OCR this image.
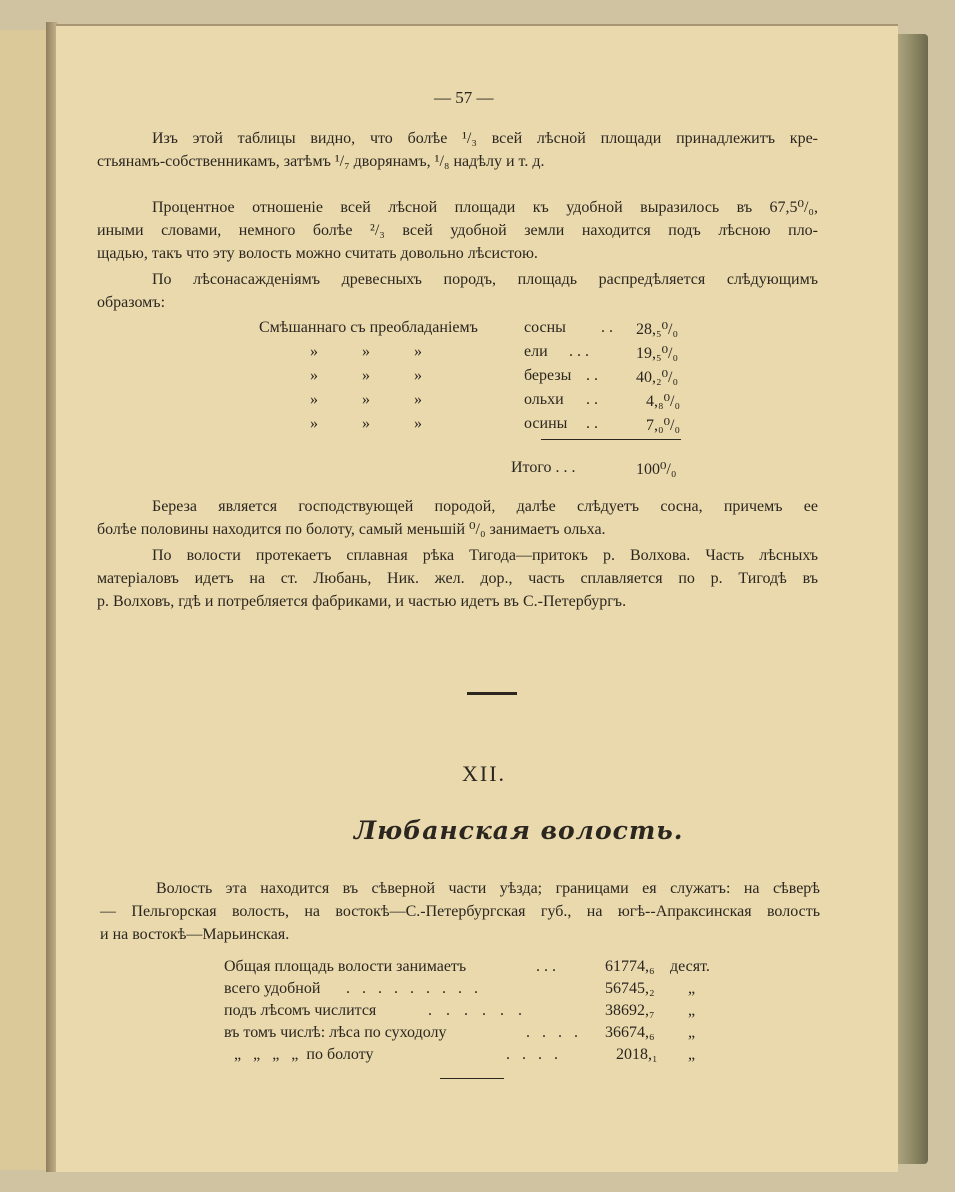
— 57 —
Изъ этой таблицы видно, что болѣе ¹/₃ всей лѣсной площади принадлежитъ кре-
стьянамъ-собственникамъ, затѣмъ ¹/₇ дворянамъ, ¹/₈ надѣлу и т. д.
Процентное отношеніе всей лѣсной площади къ удобной выразилось въ 67,5⁰/₀,
иными словами, немного болѣе ²/₃ всей удобной земли находится подъ лѣсною пло-
щадью, такъ что эту волость можно считать довольно лѣсистою.
По лѣсонасажденіямъ древесныхъ породъ, площадь распредѣляется слѣдующимъ
образомъ:
Смѣшаннаго съ преобладаніемъ	сосны . . 28,₅⁰/₀
» » »	ели . . .	19,₅⁰/₀
» » »	березы . . 40,₂⁰/₀
» » »	ольхи . .	4,₈⁰/₀
» » »	осины . .	7,₀⁰/₀
Итого . . .	100⁰/₀
Береза является господствующей породой, далѣе слѣдуетъ сосна, причемъ ее
болѣе половины находится по болоту, самый меньшій ⁰/₀ занимаетъ ольха.
По волости протекаетъ сплавная рѣка Тигода—притокъ р. Волхова. Часть лѣсныхъ
матеріаловъ идетъ на ст. Любань, Ник. жел. дор., часть сплавляется по р. Тигодѣ въ
р. Волховъ, гдѣ и потребляется фабриками, и частью идетъ въ С.-Петербургъ.
XII.
Любанская волость.
Волость эта находится въ сѣверной части уѣзда; границами ея служатъ: на сѣверѣ
— Пельгорская волость, на востокѣ—С.-Петербургская губ., на югѣ--Апраксинская волость
и на востокѣ—Марьинская.
Общая площадь волости занимаетъ	. . .	61774,₆ десят.
всего удобной . . . . . . . . .	56745,₂ „
подъ лѣсомъ числится	. . . . . .	38692,₇ „
въ томъ числѣ: лѣса по суходолу	. . . . 36674,₆ „
„   „   „   „  по болоту	. . . .	2018,₁ „
